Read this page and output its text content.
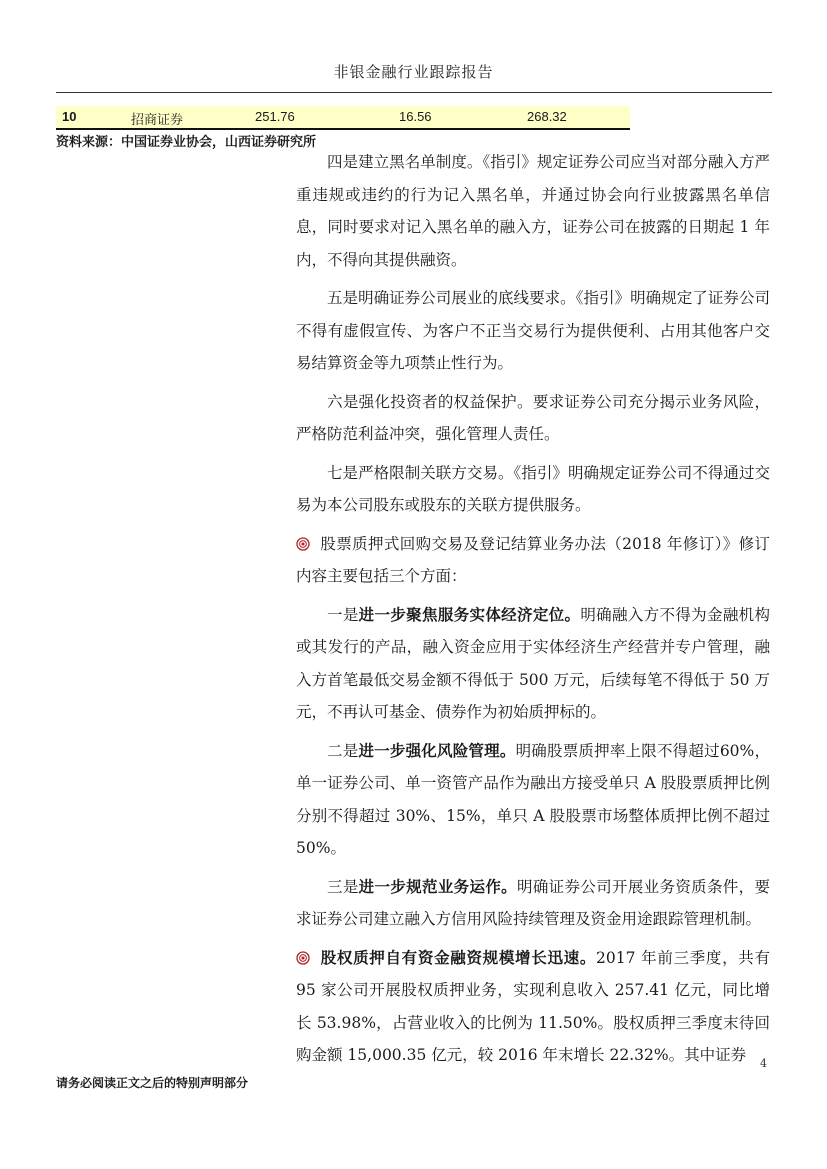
非银金融行业跟踪报告
10	招商证券	251.76	16.56	268.32
资料来源：中国证券业协会，山西证券研究所

四是建立黑名单制度。《指引》规定证券公司应当对部分融入方严重违规或违约的行为记入黑名单，并通过协会向行业披露黑名单信息，同时要求对记入黑名单的融入方，证券公司在披露的日期起 1 年内，不得向其提供融资。

五是明确证券公司展业的底线要求。《指引》明确规定了证券公司不得有虚假宣传、为客户不正当交易行为提供便利、占用其他客户交易结算资金等九项禁止性行为。

六是强化投资者的权益保护。要求证券公司充分揭示业务风险，严格防范利益冲突，强化管理人责任。

七是严格限制关联方交易。《指引》明确规定证券公司不得通过交易为本公司股东或股东的关联方提供服务。

股票质押式回购交易及登记结算业务办法（2018 年修订）》修订内容主要包括三个方面：

一是进一步聚焦服务实体经济定位。明确融入方不得为金融机构或其发行的产品，融入资金应用于实体经济生产经营并专户管理，融入方首笔最低交易金额不得低于 500 万元，后续每笔不得低于 50 万元，不再认可基金、债券作为初始质押标的。

二是进一步强化风险管理。明确股票质押率上限不得超过60%，单一证券公司、单一资管产品作为融出方接受单只 A 股股票质押比例分别不得超过 30%、15%，单只 A 股股票市场整体质押比例不超过 50%。

三是进一步规范业务运作。明确证券公司开展业务资质条件，要求证券公司建立融入方信用风险持续管理及资金用途跟踪管理机制。

股权质押自有资金融资规模增长迅速。2017 年前三季度，共有 95 家公司开展股权质押业务，实现利息收入 257.41 亿元，同比增长 53.98%，占营业收入的比例为 11.50%。股权质押三季度末待回购金额 15,000.35 亿元，较 2016 年末增长 22.32%。其中证券	4
请务必阅读正文之后的特别声明部分
